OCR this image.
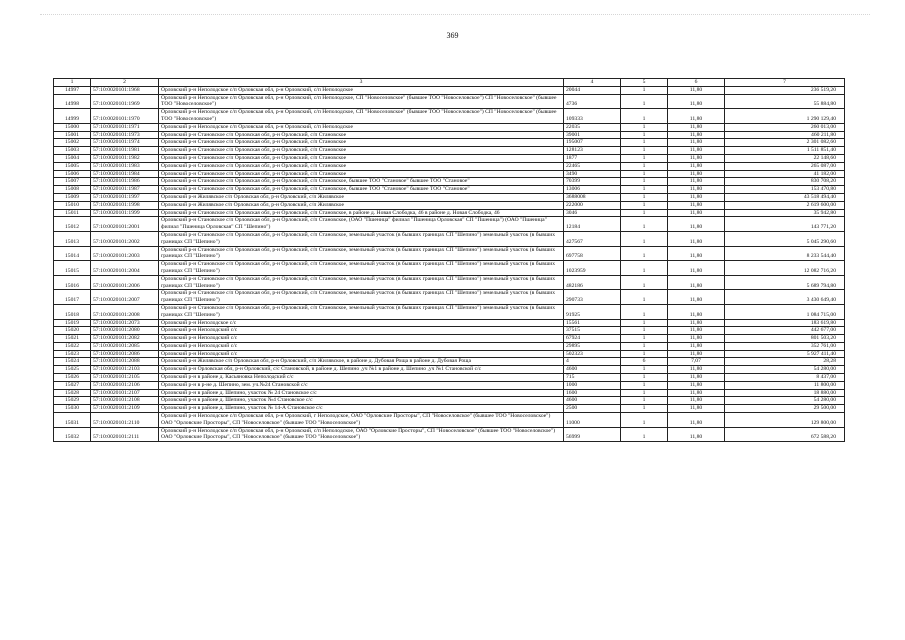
369
1	2	3	4	5	6	7
14997	57:10:0020101:1968	Орловский р-н Неполодское с/п Орловская обл, р-н Орловский, с/п Неполодское	20044	1	11,80	236 519,20
14998	57:10:0020101:1969	Орловский р-н Неполодское с/п Орловская обл, р-н Орловский, с/п Неполодское, СП "Новоселовское" (бывшее ТОО "Новоселовское") СП "Новоселовское" (бывшее ТОО "Новоселовское")	4736	1	11,80	55 884,80
14999	57:10:0020101:1970	Орловский р-н Неполодское с/п Орловская обл, р-н Орловский, с/п Неполодское, СП "Новоселовское" (бывшее ТОО "Новоселовское") СП "Новоселовское" (бывшее ТОО "Новоселовское")	109333	1	11,80	1 290 129,40
15000	57:10:0020101:1971	Орловский р-н Неполодское с/п Орловская обл, р-н Орловский, с/п Неполодское	22035	1	11,80	260 013,00
15001	57:10:0020101:1973	Орловский р-н Становское с/п Орловская обл, р-н Орловский, с/п Становское	39001	1	11,80	460 211,80
15002	57:10:0020101:1974	Орловский р-н Становское с/п Орловская обл, р-н Орловский, с/п Становское	195007	1	11,80	2 301 082,60
15003	57:10:0020101:1981	Орловский р-н Становское с/п Орловская обл, р-н Орловский, с/п Становское	128123	1	11,80	1 511 851,40
15004	57:10:0020101:1982	Орловский р-н Становское с/п Орловская обл, р-н Орловский, с/п Становское	1877	1	11,80	22 148,60
15005	57:10:0020101:1983	Орловский р-н Становское с/п Орловская обл, р-н Орловский, с/п Становское	22465	1	11,80	265 087,00
15006	57:10:0020101:1984	Орловский р-н Становское с/п Орловская обл, р-н Орловский, с/п Становское	3490	1	11,80	41 182,00
15007	57:10:0020101:1986	Орловский р-н Становское с/п Орловская обл, р-н Орловский, с/п Становское, бывшее ТОО "Становое" бывшее ТОО "Становое"	70399	1	11,80	830 708,20
15008	57:10:0020101:1987	Орловский р-н Становское с/п Орловская обл, р-н Орловский, с/п Становское, бывшее ТОО "Становое" бывшее ТОО "Становое"	13006	1	11,80	153 470,80
15009	57:10:0020101:1997	Орловский р-н Жилявское с/п Орловская обл, р-н Орловский, с/п Жилявское	3688008	1	11,80	43 518 494,40
15010	57:10:0020101:1998	Орловский р-н Жилявское с/п Орловская обл, р-н Орловский, с/п Жилявское	222000	1	11,80	2 619 600,00
15011	57:10:0020101:1999	Орловский р-н Становское с/п Орловская обл, р-н Орловский, с/п Становское, в районе д. Новая Слободка, 46 в районе д. Новая Слободка, 46	3046	1	11,80	35 942,80
15012	57:10:0020101:2001	Орловский р-н Становское с/п Орловская обл, р-н Орловский, с/п Становское, (ОАО "Пшеница" филиал "Пшеница Орловская" СП "Пшеница") (ОАО "Пшеница" филиал "Пшеница Орловская" СП "Шепино")	12184	1	11,80	143 771,20
15013	57:10:0020101:2002	Орловский р-н Становское с/п Орловская обл, р-н Орловский, с/п Становское, земельный участок (в бывших границах СП "Шепино") земельный участок (в бывших границах СП "Шепино")	427567	1	11,80	5 045 290,60
15014	57:10:0020101:2003	Орловский р-н Становское с/п Орловская обл, р-н Орловский, с/п Становское, земельный участок (в бывших границах СП "Шепино") земельный участок (в бывших границах СП "Шепино")	697758	1	11,80	8 233 544,40
15015	57:10:0020101:2004	Орловский р-н Становское с/п Орловская обл, р-н Орловский, с/п Становское, земельный участок (в бывших границах СП "Шепино") земельный участок (в бывших границах СП "Шепино")	1023959	1	11,80	12 082 716,20
15016	57:10:0020101:2006	Орловский р-н Становское с/п Орловская обл, р-н Орловский, с/п Становское, земельный участок (в бывших границах СП "Шепино") земельный участок (в бывших границах СП "Шепино")	482186	1	11,80	5 689 794,80
15017	57:10:0020101:2007	Орловский р-н Становское с/п Орловская обл, р-н Орловский, с/п Становское, земельный участок (в бывших границах СП "Шепино") земельный участок (в бывших границах СП "Шепино")	290733	1	11,80	3 430 649,40
15018	57:10:0020101:2008	Орловский р-н Становское с/п Орловская обл, р-н Орловский, с/п Становское, земельный участок (в бывших границах СП "Шепино") земельный участок (в бывших границах СП "Шепино")	91925	1	11,80	1 084 715,00
15019	57:10:0020101:2073	Орловский р-н Неполодское с/с	15561	1	11,80	183 619,80
15020	57:10:0020101:2080	Орловский р-н Неполодский с/с	37515	1	11,80	442 677,00
15021	57:10:0020101:2082	Орловский р-н Неполодский с/с	67924	1	11,80	801 503,20
15022	57:10:0020101:2085	Орловский р-н Неполодский с/с	29895	1	11,80	352 761,00
15023	57:10:0020101:2086	Орловский р-н Неполодский с/с	502323	1	11,80	5 927 411,40
15024	57:10:0020101:2088	Орловский р-н Жилявское с/п Орловская обл, р-н Орловский, с/п Жилявское, в районе д. Дубовая Роща в районе д. Дубовая Роща	4	6	7,07	28,28
15025	57:10:0020101:2103	Орловский р-н Орловская обл, р-н Орловский, с/с Становской, в районе д. Шепино ,уч №1 в районе д. Шепино ,уч №1 Становской с/с	4600	1	11,80	54 280,00
15026	57:10:0020101:2105	Орловский р-н в районе д. Касьяновка Неполодский с/с	715	1	11,80	8 437,00
15027	57:10:0020101:2106	Орловский р-н в р-не д. Шепино, зем. уч.№24 Становской с/с	1000	1	11,80	11 800,00
15028	57:10:0020101:2107	Орловский р-н в районе д. Шепино, участок № 24 Становское с/с	1600	1	11,80	18 880,00
15029	57:10:0020101:2108	Орловский р-н в районе д. Шепино, участок №4 Становское с/с	4600	1	11,80	54 280,00
15030	57:10:0020101:2109	Орловский р-н в районе д. Шепино, участок № 14-А Становское с/с	2500	1	11,80	29 500,00
15031	57:10:0020101:2110	Орловский р-н Неполодское с/п Орловская обл, р-н Орловский, г Неполодское, ОАО "Орловские Просторы", СП "Новоселовское" (бывшее ТОО "Новоселовское") ОАО "Орловские Просторы", СП "Новоселовское" (бывшее ТОО "Новоселовское")	11000	1	11,80	129 800,00
15032	57:10:0020101:2111	Орловский р-н Неполодское с/п Орловская обл, р-н Орловский, с/п Неполодское, ОАО "Орловские Просторы", СП "Новоселовское" (бывшее ТОО "Новоселовское") ОАО "Орловские Просторы", СП "Новоселовское" (бывшее ТОО "Новоселовское")	56999	1	11,80	672 588,20
